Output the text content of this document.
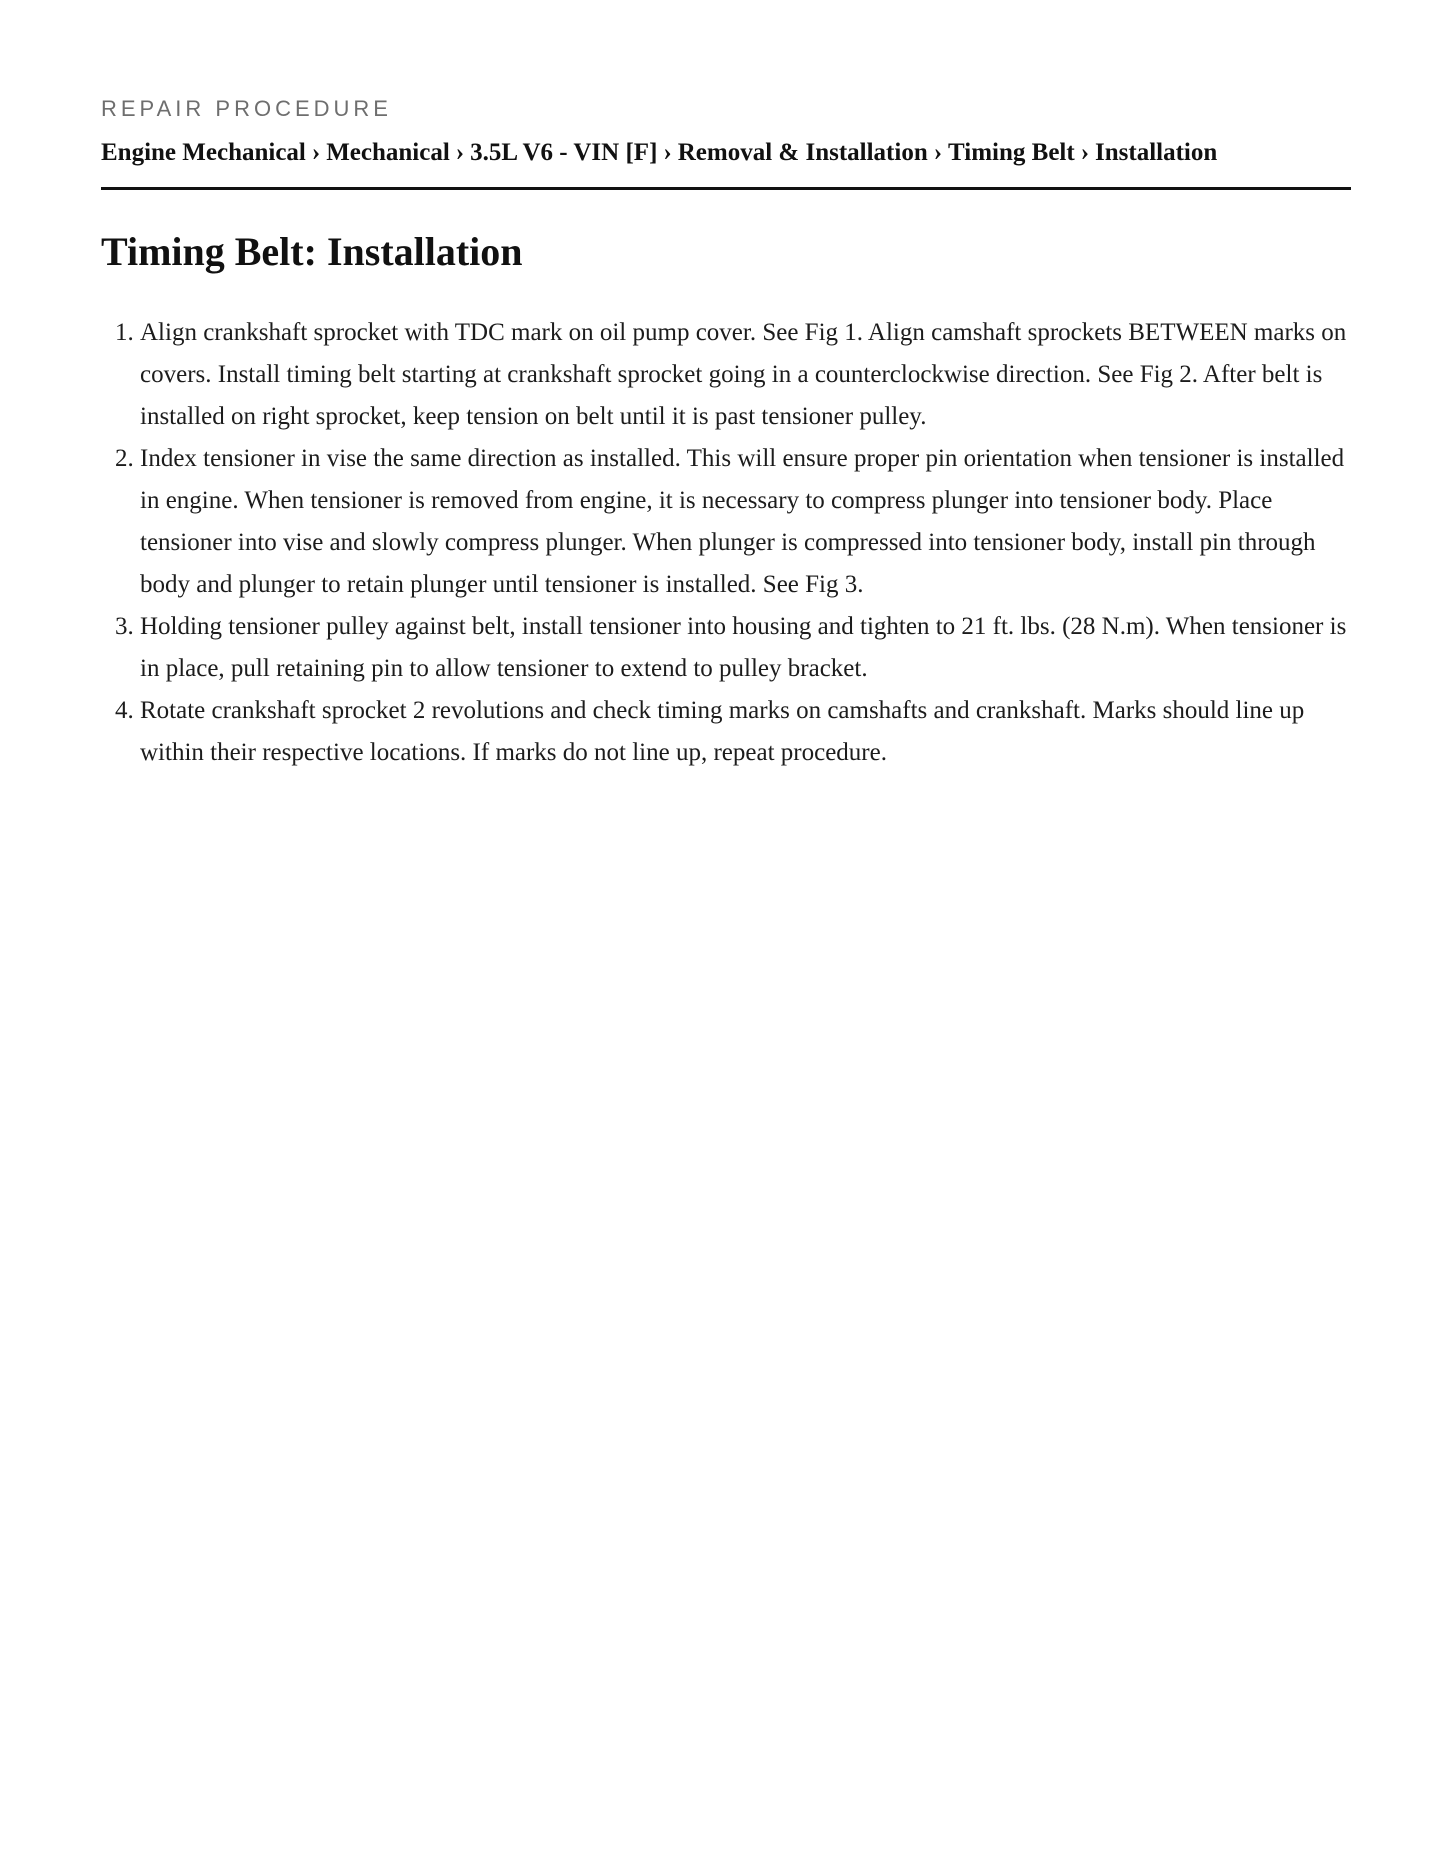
REPAIR PROCEDURE
Engine Mechanical › Mechanical › 3.5L V6 - VIN [F] › Removal & Installation › Timing Belt › Installation
Timing Belt: Installation
1. Align crankshaft sprocket with TDC mark on oil pump cover. See Fig 1. Align camshaft sprockets BETWEEN marks on covers. Install timing belt starting at crankshaft sprocket going in a counterclockwise direction. See Fig 2. After belt is installed on right sprocket, keep tension on belt until it is past tensioner pulley.
2. Index tensioner in vise the same direction as installed. This will ensure proper pin orientation when tensioner is installed in engine. When tensioner is removed from engine, it is necessary to compress plunger into tensioner body. Place tensioner into vise and slowly compress plunger. When plunger is compressed into tensioner body, install pin through body and plunger to retain plunger until tensioner is installed. See Fig 3.
3. Holding tensioner pulley against belt, install tensioner into housing and tighten to 21 ft. lbs. (28 N.m). When tensioner is in place, pull retaining pin to allow tensioner to extend to pulley bracket.
4. Rotate crankshaft sprocket 2 revolutions and check timing marks on camshafts and crankshaft. Marks should line up within their respective locations. If marks do not line up, repeat procedure.
